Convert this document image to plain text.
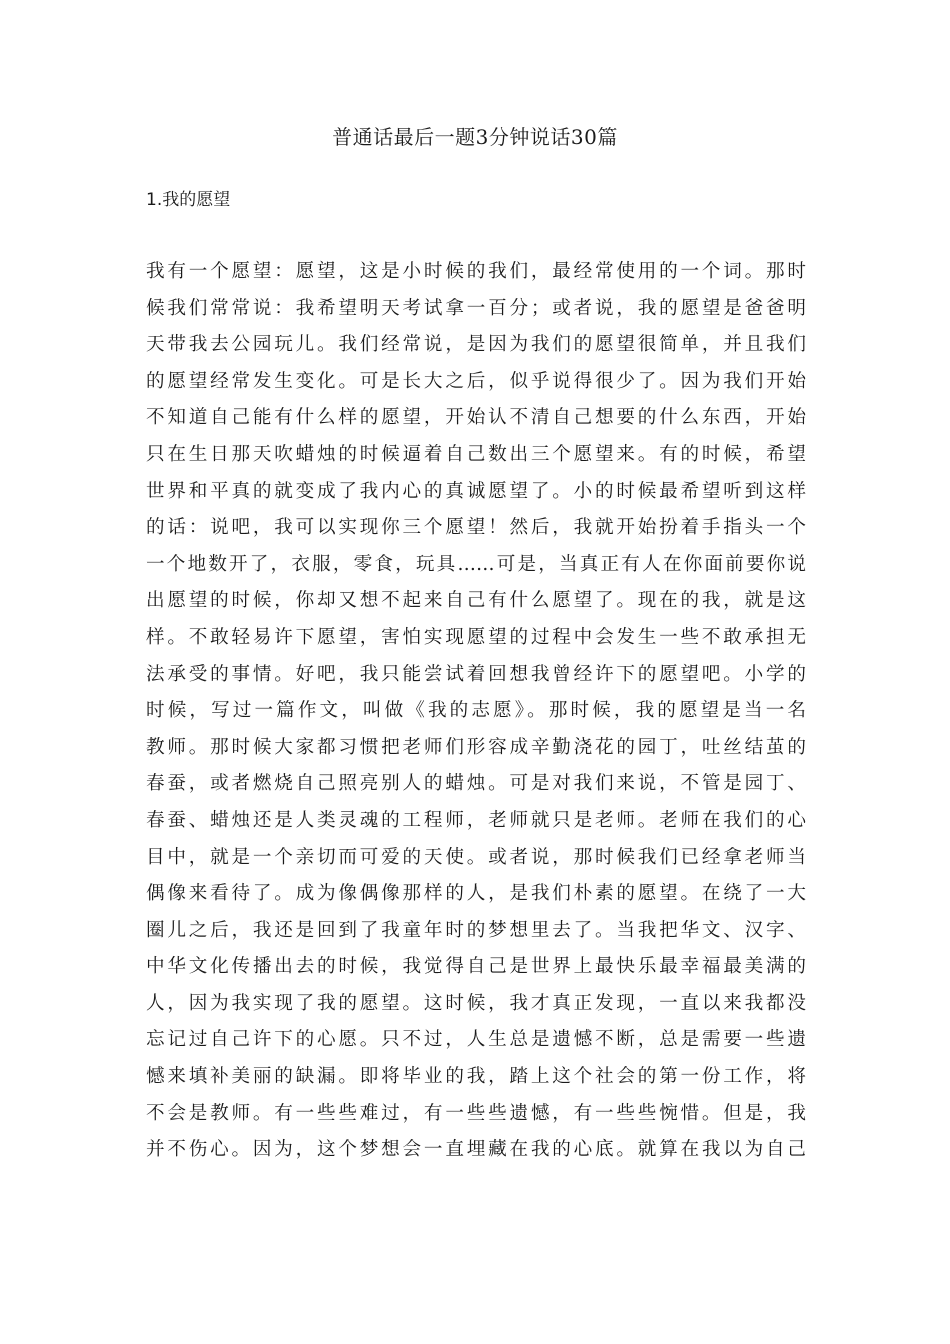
普通话最后一题3分钟说话30篇
1.我的愿望
我有一个愿望：愿望，这是小时候的我们，最经常使用的一个词。那时
候我们常常说：我希望明天考试拿一百分；或者说，我的愿望是爸爸明
天带我去公园玩儿。我们经常说，是因为我们的愿望很简单，并且我们
的愿望经常发生变化。可是长大之后，似乎说得很少了。因为我们开始
不知道自己能有什么样的愿望，开始认不清自己想要的什么东西，开始
只在生日那天吹蜡烛的时候逼着自己数出三个愿望来。有的时候，希望
世界和平真的就变成了我内心的真诚愿望了。小的时候最希望听到这样
的话：说吧，我可以实现你三个愿望！然后，我就开始扮着手指头一个
一个地数开了，衣服，零食，玩具……可是，当真正有人在你面前要你说
出愿望的时候，你却又想不起来自己有什么愿望了。现在的我，就是这
样。不敢轻易许下愿望，害怕实现愿望的过程中会发生一些不敢承担无
法承受的事情。好吧，我只能尝试着回想我曾经许下的愿望吧。小学的
时候，写过一篇作文，叫做《我的志愿》。那时候，我的愿望是当一名
教师。那时候大家都习惯把老师们形容成辛勤浇花的园丁，吐丝结茧的
春蚕，或者燃烧自己照亮别人的蜡烛。可是对我们来说，不管是园丁、
春蚕、蜡烛还是人类灵魂的工程师，老师就只是老师。老师在我们的心
目中，就是一个亲切而可爱的天使。或者说，那时候我们已经拿老师当
偶像来看待了。成为像偶像那样的人，是我们朴素的愿望。在绕了一大
圈儿之后，我还是回到了我童年时的梦想里去了。当我把华文、汉字、
中华文化传播出去的时候，我觉得自己是世界上最快乐最幸福最美满的
人，因为我实现了我的愿望。这时候，我才真正发现，一直以来我都没
忘记过自己许下的心愿。只不过，人生总是遗憾不断，总是需要一些遗
憾来填补美丽的缺漏。即将毕业的我，踏上这个社会的第一份工作，将
不会是教师。有一些些难过，有一些些遗憾，有一些些惋惜。但是，我
并不伤心。因为，这个梦想会一直埋藏在我的心底。就算在我以为自己
